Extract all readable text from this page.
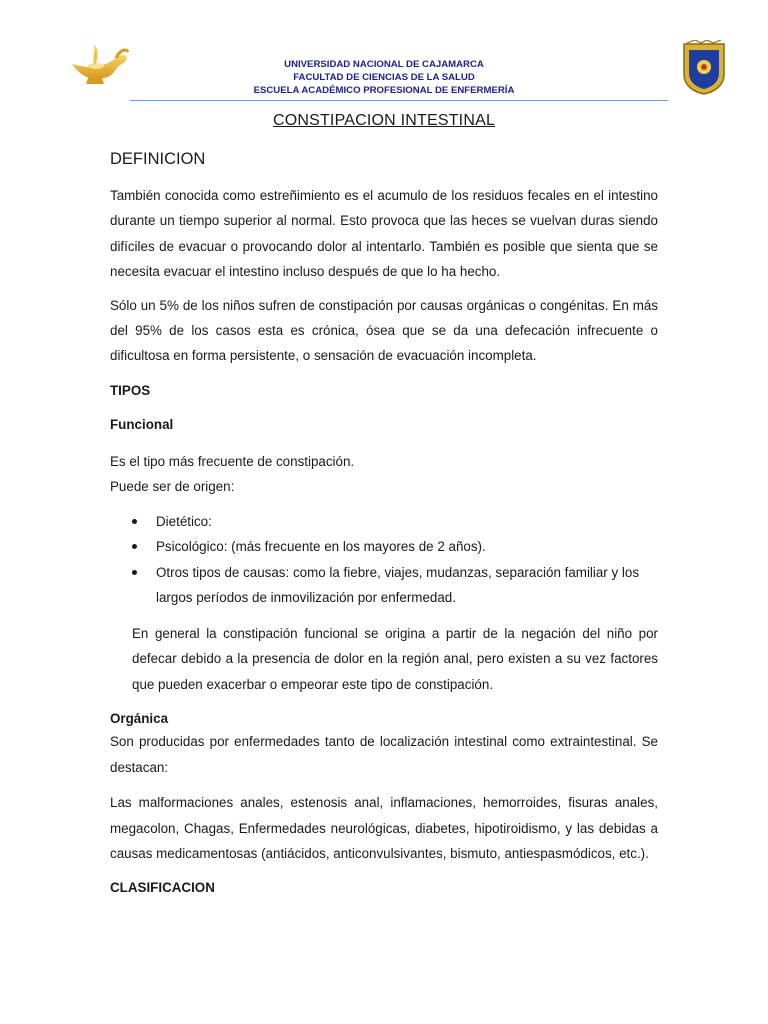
UNIVERSIDAD NACIONAL DE CAJAMARCA
FACULTAD DE CIENCIAS DE LA SALUD
ESCUELA ACADÉMICO PROFESIONAL DE ENFERMERÍA
CONSTIPACION INTESTINAL
DEFINICION

También conocida como estreñimiento es el acumulo de los residuos fecales en el intestino durante un tiempo superior al normal. Esto provoca que las heces se vuelvan duras siendo difíciles de evacuar o provocando dolor al intentarlo. También es posible que sienta que se necesita evacuar el intestino incluso después de que lo ha hecho.

Sólo un 5% de los niños sufren de constipación por causas orgánicas o congénitas. En más del 95% de los casos esta es crónica, ósea que se da una defecación infrecuente o dificultosa en forma persistente, o sensación de evacuación incompleta.

TIPOS

Funcional

Es el tipo más frecuente de constipación.

Puede ser de origen:

Dietético:
Psicológico: (más frecuente en los mayores de 2 años).
Otros tipos de causas: como la fiebre, viajes, mudanzas, separación familiar y los largos períodos de inmovilización por enfermedad.

En general la constipación funcional se origina a partir de la negación del niño por defecar debido a la presencia de dolor en la región anal, pero existen a su vez factores que pueden exacerbar o empeorar este tipo de constipación.

Orgánica

Son producidas por enfermedades tanto de localización intestinal como extraintestinal. Se destacan:

Las malformaciones anales, estenosis anal, inflamaciones, hemorroides, fisuras anales, megacolon, Chagas, Enfermedades neurológicas, diabetes, hipotiroidismo, y las debidas a causas medicamentosas (antiácidos, anticonvulsivantes, bismuto, antiespasmódicos, etc.).

CLASIFICACION
